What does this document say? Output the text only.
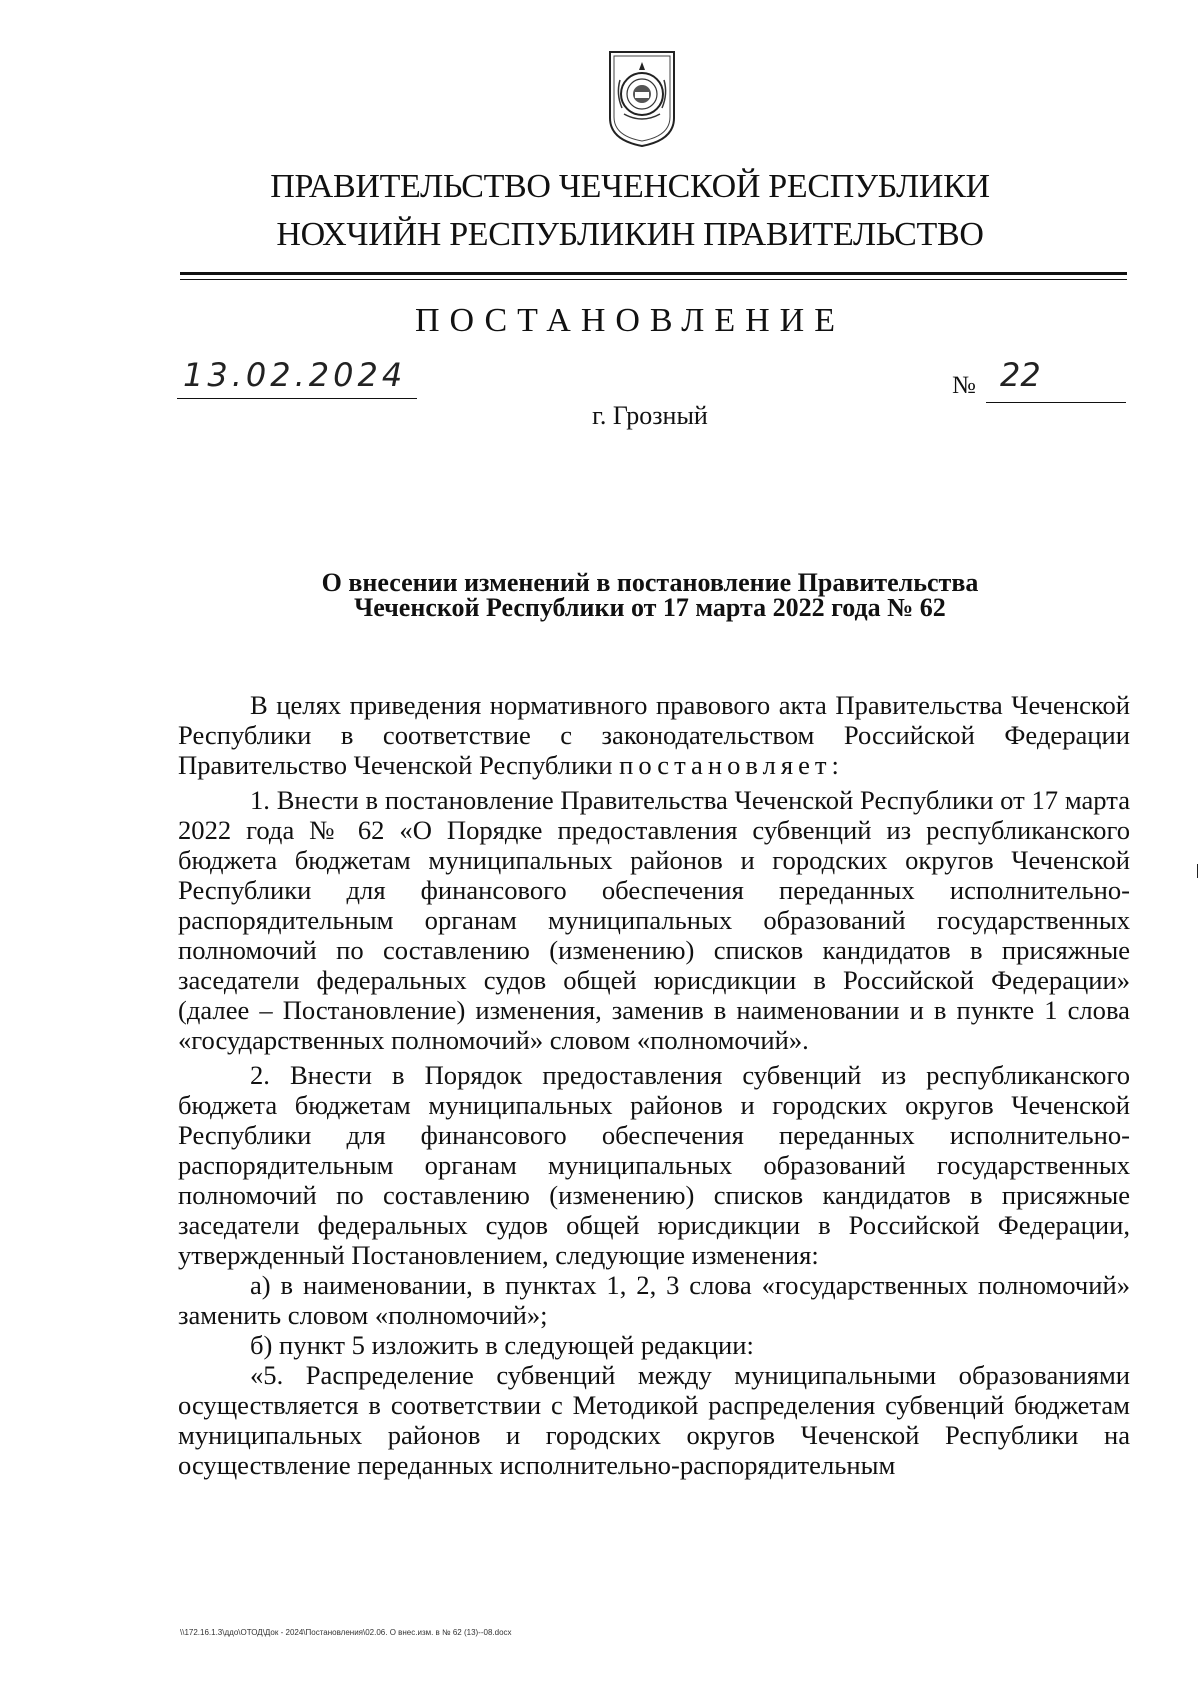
ПРАВИТЕЛЬСТВО ЧЕЧЕНСКОЙ РЕСПУБЛИКИ
НОХЧИЙН РЕСПУБЛИКИН ПРАВИТЕЛЬСТВО
ПОСТАНОВЛЕНИЕ
13.02.2024	№ 22
г. Грозный
О внесении изменений в постановление Правительства
Чеченской Республики от 17 марта 2022 года № 62

В целях приведения нормативного правового акта Правительства Чеченской Республики в соответствие с законодательством Российской Федерации Правительство Чеченской Республики постановляет:

1. Внести в постановление Правительства Чеченской Республики от 17 марта 2022 года № 62 «О Порядке предоставления субвенций из республиканского бюджета бюджетам муниципальных районов и городских округов Чеченской Республики для финансового обеспечения переданных исполнительно-распорядительным органам муниципальных образований государственных полномочий по составлению (изменению) списков кандидатов в присяжные заседатели федеральных судов общей юрисдикции в Российской Федерации» (далее – Постановление) изменения, заменив в наименовании и в пункте 1 слова «государственных полномочий» словом «полномочий».

2. Внести в Порядок предоставления субвенций из республиканского бюджета бюджетам муниципальных районов и городских округов Чеченской Республики для финансового обеспечения переданных исполнительно-распорядительным органам муниципальных образований государственных полномочий по составлению (изменению) списков кандидатов в присяжные заседатели федеральных судов общей юрисдикции в Российской Федерации, утвержденный Постановлением, следующие изменения:

а) в наименовании, в пунктах 1, 2, 3 слова «государственных полномочий» заменить словом «полномочий»;

б) пункт 5 изложить в следующей редакции:

«5. Распределение субвенций между муниципальными образованиями осуществляется в соответствии с Методикой распределения субвенций бюджетам муниципальных районов и городских округов Чеченской Республики на осуществление переданных исполнительно-распорядительным

\\172.16.1.3\ддо\ОТОД\Док - 2024\Постановления\02.06. О внес.изм. в № 62 (13)--08.docx
